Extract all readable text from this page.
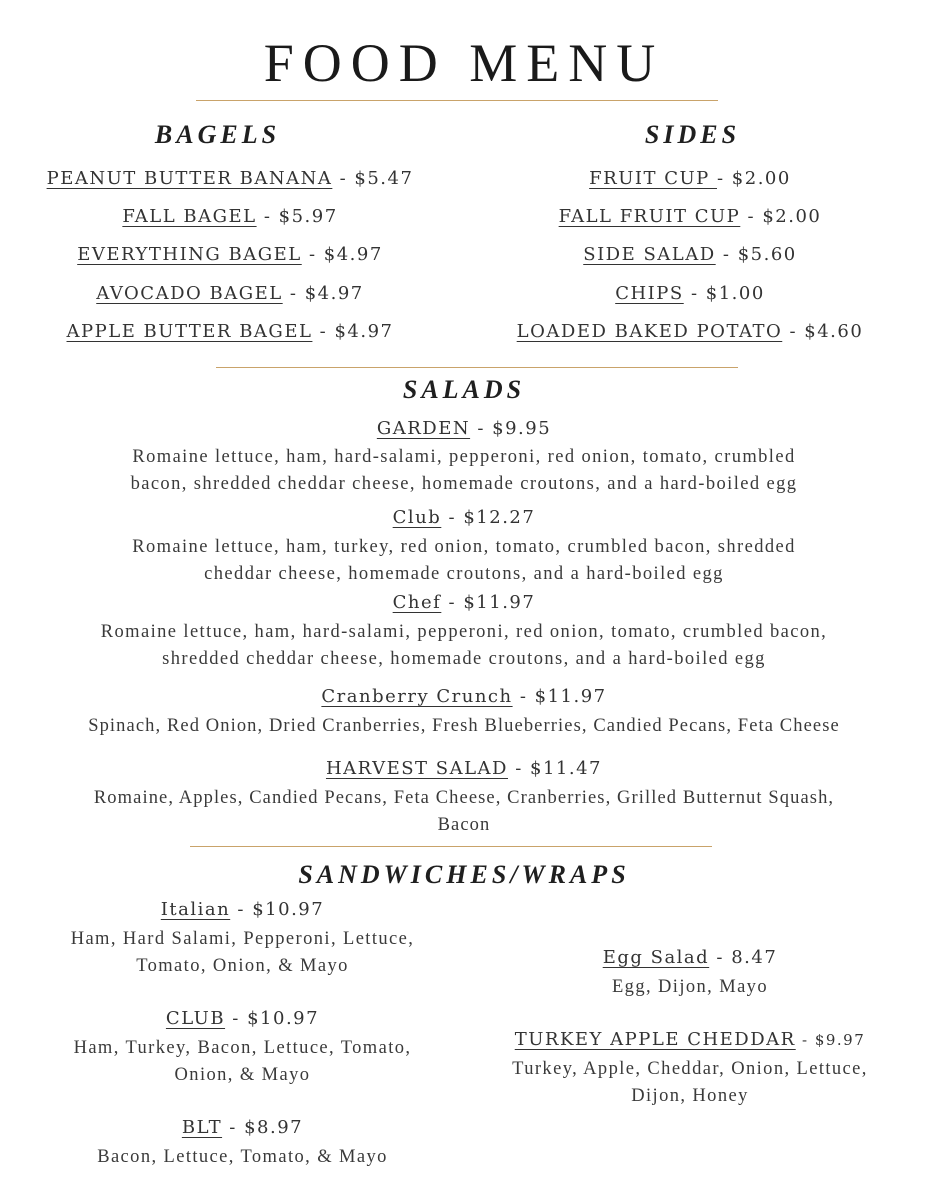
FOOD MENU
BAGELS
PEANUT BUTTER BANANA - $5.47
FALL BAGEL - $5.97
EVERYTHING BAGEL - $4.97
AVOCADO BAGEL - $4.97
APPLE BUTTER BAGEL - $4.97
SIDES
FRUIT CUP - $2.00
FALL FRUIT CUP - $2.00
SIDE SALAD - $5.60
CHIPS - $1.00
LOADED BAKED POTATO - $4.60
SALADS
GARDEN - $9.95
Romaine lettuce, ham, hard-salami, pepperoni, red onion, tomato, crumbled
bacon, shredded cheddar cheese, homemade croutons, and a hard-boiled egg
Club - $12.27
Romaine lettuce, ham, turkey, red onion, tomato, crumbled bacon, shredded
cheddar cheese, homemade croutons, and a hard-boiled egg
Chef - $11.97
Romaine lettuce, ham, hard-salami, pepperoni, red onion, tomato, crumbled bacon,
shredded cheddar cheese, homemade croutons, and a hard-boiled egg
Cranberry Crunch - $11.97
Spinach, Red Onion, Dried Cranberries, Fresh Blueberries, Candied Pecans, Feta Cheese
HARVEST SALAD - $11.47
Romaine, Apples, Candied Pecans, Feta Cheese, Cranberries, Grilled Butternut Squash,
Bacon
SANDWICHES/WRAPS
Italian - $10.97
Ham, Hard Salami, Pepperoni, Lettuce,
Tomato, Onion, & Mayo
CLUB - $10.97
Ham, Turkey, Bacon, Lettuce, Tomato,
Onion, & Mayo
BLT - $8.97
Bacon, Lettuce, Tomato, & Mayo
Egg Salad - 8.47
Egg, Dijon, Mayo
TURKEY APPLE CHEDDAR - $9.97
Turkey, Apple, Cheddar, Onion, Lettuce,
Dijon, Honey
